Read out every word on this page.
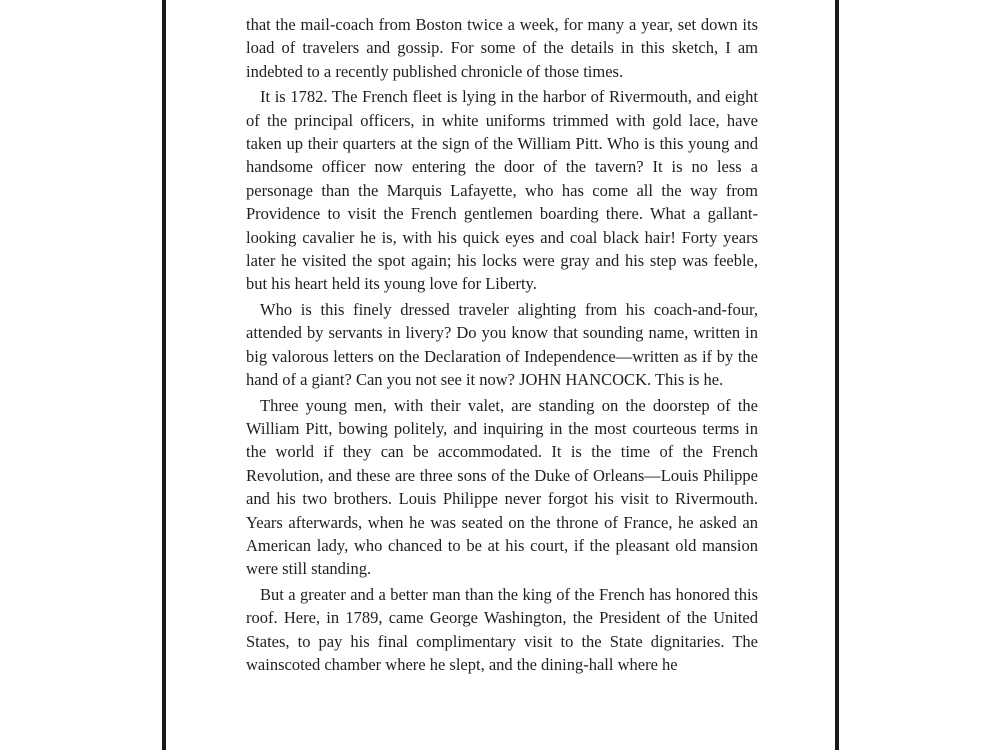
that the mail-coach from Boston twice a week, for many a year, set down its load of travelers and gossip. For some of the details in this sketch, I am indebted to a recently published chronicle of those times.

It is 1782. The French fleet is lying in the harbor of Rivermouth, and eight of the principal officers, in white uniforms trimmed with gold lace, have taken up their quarters at the sign of the William Pitt. Who is this young and handsome officer now entering the door of the tavern? It is no less a personage than the Marquis Lafayette, who has come all the way from Providence to visit the French gentlemen boarding there. What a gallant-looking cavalier he is, with his quick eyes and coal black hair! Forty years later he visited the spot again; his locks were gray and his step was feeble, but his heart held its young love for Liberty.

Who is this finely dressed traveler alighting from his coach-and-four, attended by servants in livery? Do you know that sounding name, written in big valorous letters on the Declaration of Independence—written as if by the hand of a giant? Can you not see it now? JOHN HANCOCK. This is he.

Three young men, with their valet, are standing on the doorstep of the William Pitt, bowing politely, and inquiring in the most courteous terms in the world if they can be accommodated. It is the time of the French Revolution, and these are three sons of the Duke of Orleans—Louis Philippe and his two brothers. Louis Philippe never forgot his visit to Rivermouth. Years afterwards, when he was seated on the throne of France, he asked an American lady, who chanced to be at his court, if the pleasant old mansion were still standing.

But a greater and a better man than the king of the French has honored this roof. Here, in 1789, came George Washington, the President of the United States, to pay his final complimentary visit to the State dignitaries. The wainscoted chamber where he slept, and the dining-hall where he
